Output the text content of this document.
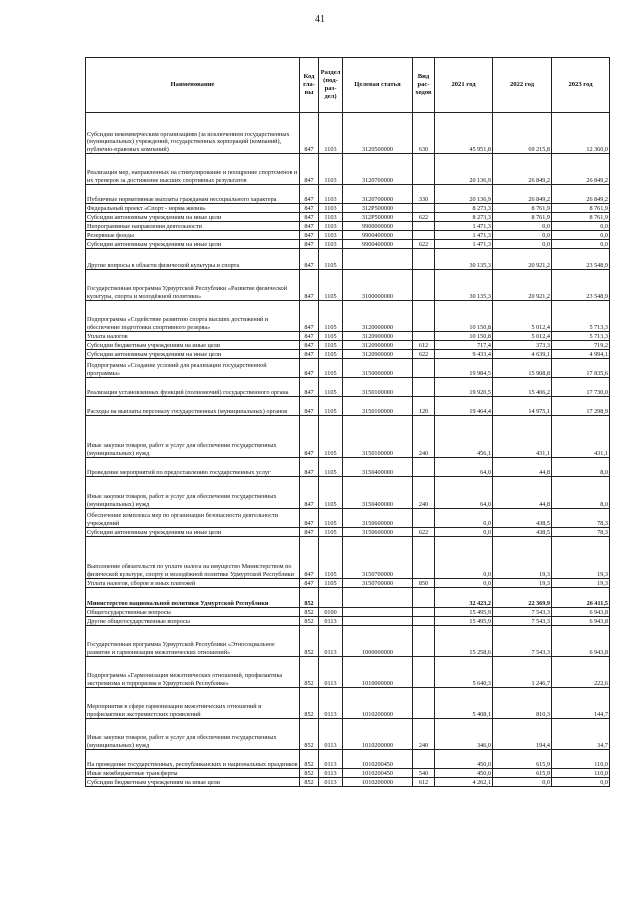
41
Наименование	Код гла- вы	Раздел (под- раз- дел)	Целевая статья	Вид рас- ходов	2021 год	2022 год	2023 год
Субсидии некоммерческим организациям (за исключением государственных (муниципальных) учреждений, государственных корпораций (компаний), публично-правовых компаний)	847	1103	3120500000	630	45 951,8	69 215,8	12 360,0
Реализация мер, направленных на стимулирование и поощрение спортсменов и их тренеров за достижение высших спортивных результатов	847	1103	3120700000		20 136,9	26 849,2	26 849,2
Публичные нормативные выплаты гражданам несоциального характера	847	1103	3120700000	330	20 136,9	26 849,2	26 849,2
Федеральный проект «Спорт - норма жизни»	847	1103	312P500000		8 273,3	8 761,9	8 761,9
Субсидии автономным учреждениям на иные цели	847	1103	312P500000	622	8 273,3	8 761,9	8 761,9
Непрограммные направления деятельности	847	1103	9900000000		1 471,3	0,0	0,0
Резервные фонды	847	1103	9900400000		1 471,3	0,0	0,0
Субсидии автономным учреждениям на иные цели	847	1103	9900400000	622	1 471,3	0,0	0,0
Другие вопросы в области физической культуры и спорта	847	1105			30 135,3	20 921,2	23 548,9
Государственная программа Удмуртской Республики «Развитие физической культуры, спорта и молодёжной политики»	847	1105	3100000000		30 135,3	20 921,2	23 548,9
Подпрограмма «Содействие развитию спорта высших достижений и обеспечение подготовки спортивного резерва»	847	1105	3120000000		10 150,8	5 012,4	5 713,3
Уплата налогов	847	1105	3120900000		10 150,8	5 012,4	5 713,3
Субсидии бюджетным учреждениям на иные цели	847	1105	3120900000	612	717,4	373,3	719,2
Субсидии автономным учреждениям на иные цели	847	1105	3120900000	622	9 433,4	4 639,1	4 994,1
Подпрограмма «Создание условий для реализации государственной программы»	847	1105	3150000000		19 984,5	15 908,8	17 835,6
Реализация установленных функций (полномочий) государственного органа	847	1105	3150100000		19 920,5	15 406,2	17 730,0
Расходы на выплаты персоналу государственных (муниципальных) органов	847	1105	3150100000	120	19 464,4	14 975,1	17 298,9
Иные закупки товаров, работ и услуг для обеспечения государственных (муниципальных) нужд	847	1105	3150100000	240	456,1	431,1	431,1
Проведение мероприятий по предоставлению государственных услуг	847	1105	3150400000		64,0	44,8	8,0
Иные закупки товаров, работ и услуг для обеспечения государственных (муниципальных) нужд	847	1105	3150400000	240	64,0	44,8	8,0
Обеспечение комплекса мер по организации безопасности деятельности учреждений	847	1105	3150600000		0,0	438,5	78,3
Субсидии автономным учреждениям на иные цели	847	1105	3150600000	622	0,0	438,5	78,3
Выполнение обязательств по уплате налога на имущество Министерством по физической культуре, спорту и молодёжной политике Удмуртской Республики	847	1105	3150700000		0,0	19,3	19,3
Уплата налогов, сборов и иных платежей	847	1105	3150700000	850	0,0	19,3	19,3
Министерство национальной политики Удмуртской Республики	852				32 423,2	22 369,9	26 411,5
Общегосударственные вопросы	852	0100			15 495,9	7 543,3	6 943,8
Другие общегосударственные вопросы	852	0113			15 495,9	7 543,3	6 943,8
Государственная программа Удмуртской Республики «Этносоциальное развитие и гармонизация межэтнических отношений»	852	0113	1000000000		15 258,6	7 543,3	6 943,8
Подпрограмма «Гармонизация межэтнических отношений, профилактика экстремизма и терроризма в Удмуртской Республике»	852	0113	1010000000		5 640,3	1 246,7	222,6
Мероприятия в сфере гармонизации межэтнических отношений и профилактики экстремистских проявлений	852	0113	1010200000		5 408,1	810,3	144,7
Иные закупки товаров, работ и услуг для обеспечения государственных (муниципальных) нужд	852	0113	1010200000	240	346,0	194,4	34,7
На проведение государственных, республиканских и национальных праздников	852	0113	1010200450		450,0	615,9	110,0
Иные межбюджетные трансферты	852	0113	1010200450	540	450,0	615,9	110,0
Субсидии бюджетным учреждениям на иные цели	852	0113	1010200000	612	4 262,1	0,0	0,0
